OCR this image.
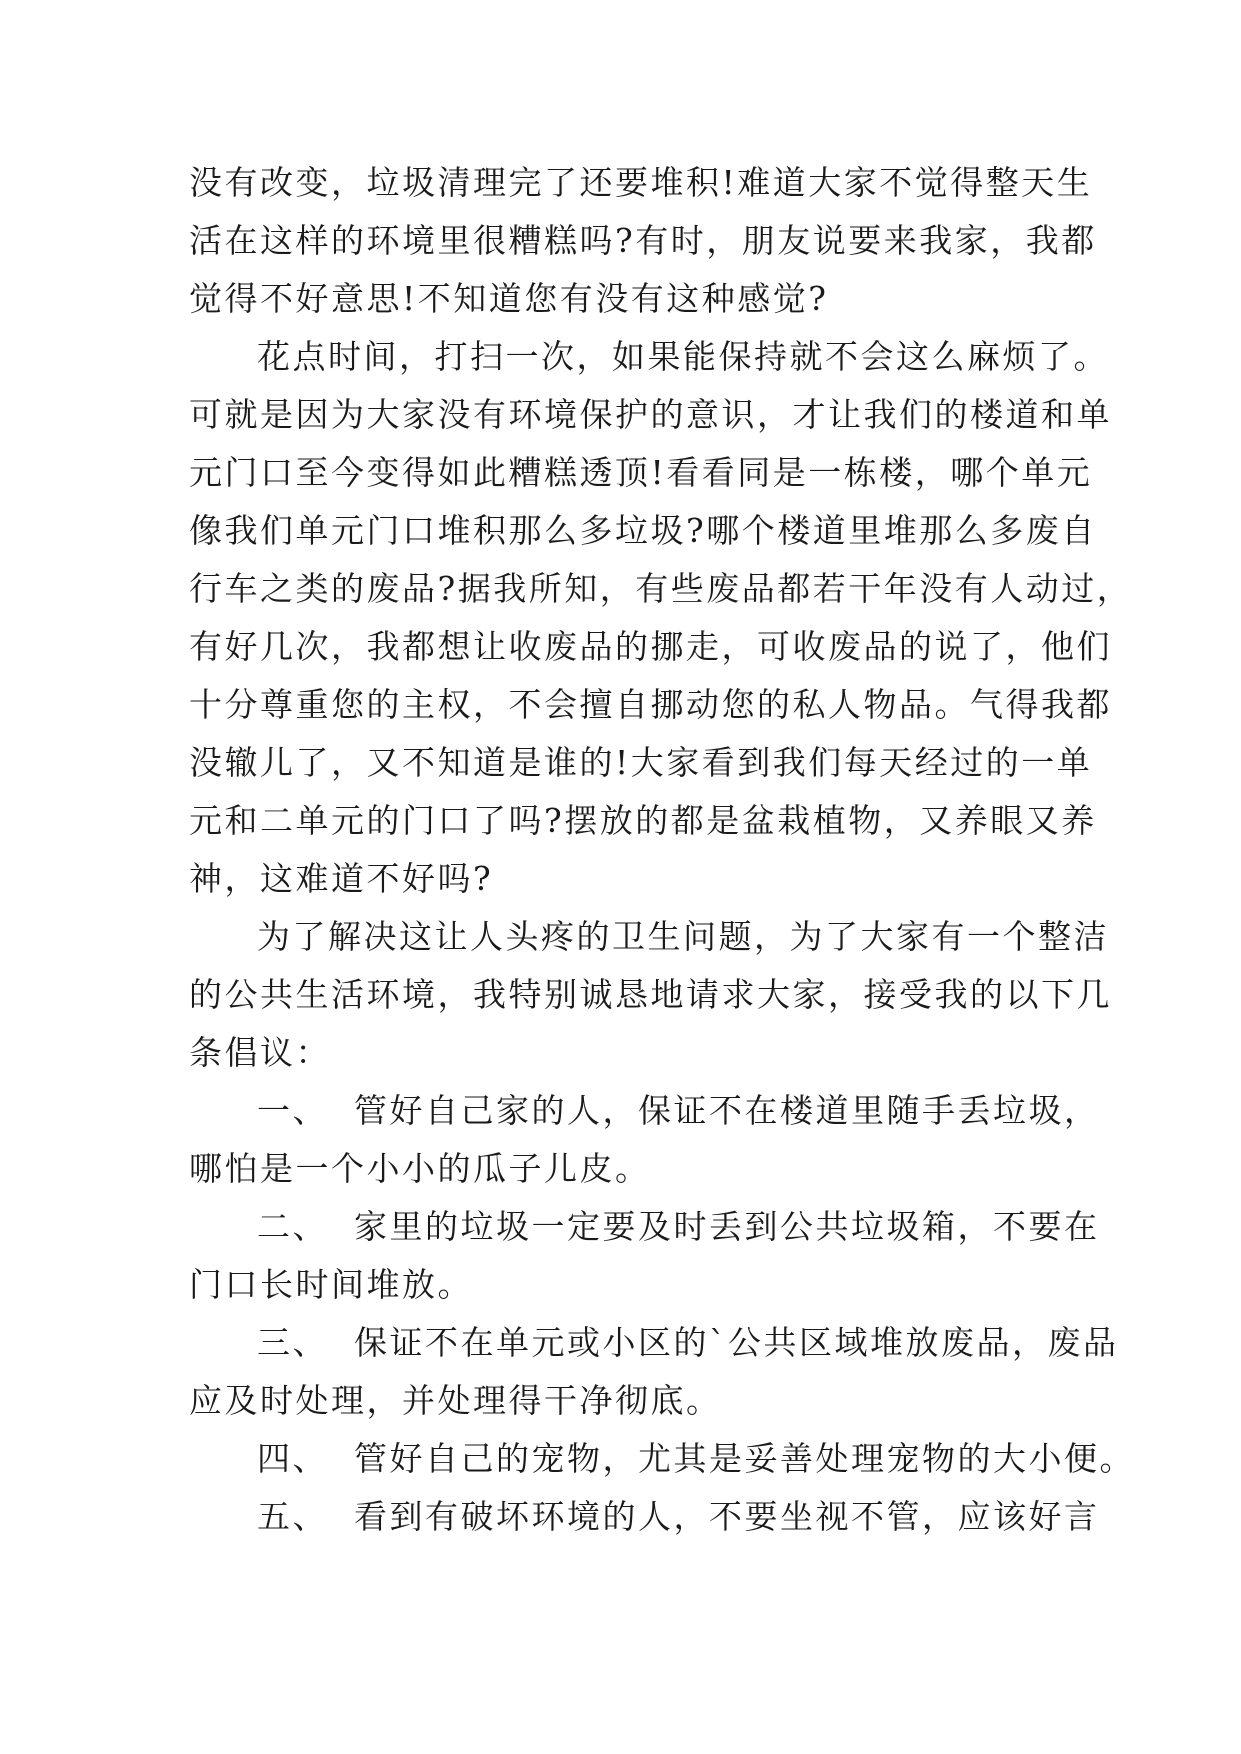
没有改变，垃圾清理完了还要堆积!难道大家不觉得整天生
活在这样的环境里很糟糕吗?有时，朋友说要来我家，我都
觉得不好意思!不知道您有没有这种感觉?
花点时间，打扫一次，如果能保持就不会这么麻烦了。
可就是因为大家没有环境保护的意识，才让我们的楼道和单
元门口至今变得如此糟糕透顶!看看同是一栋楼，哪个单元
像我们单元门口堆积那么多垃圾?哪个楼道里堆那么多废自
行车之类的废品?据我所知，有些废品都若干年没有人动过，
有好几次，我都想让收废品的挪走，可收废品的说了，他们
十分尊重您的主权，不会擅自挪动您的私人物品。气得我都
没辙儿了，又不知道是谁的!大家看到我们每天经过的一单
元和二单元的门口了吗?摆放的都是盆栽植物，又养眼又养
神，这难道不好吗?
为了解决这让人头疼的卫生问题，为了大家有一个整洁
的公共生活环境，我特别诚恳地请求大家，接受我的以下几
条倡议：
一、  管好自己家的人，保证不在楼道里随手丢垃圾，
哪怕是一个小小的瓜子儿皮。
二、  家里的垃圾一定要及时丢到公共垃圾箱，不要在
门口长时间堆放。
三、  保证不在单元或小区的`公共区域堆放废品，废品
应及时处理，并处理得干净彻底。
四、  管好自己的宠物，尤其是妥善处理宠物的大小便。
五、  看到有破坏环境的人，不要坐视不管，应该好言
